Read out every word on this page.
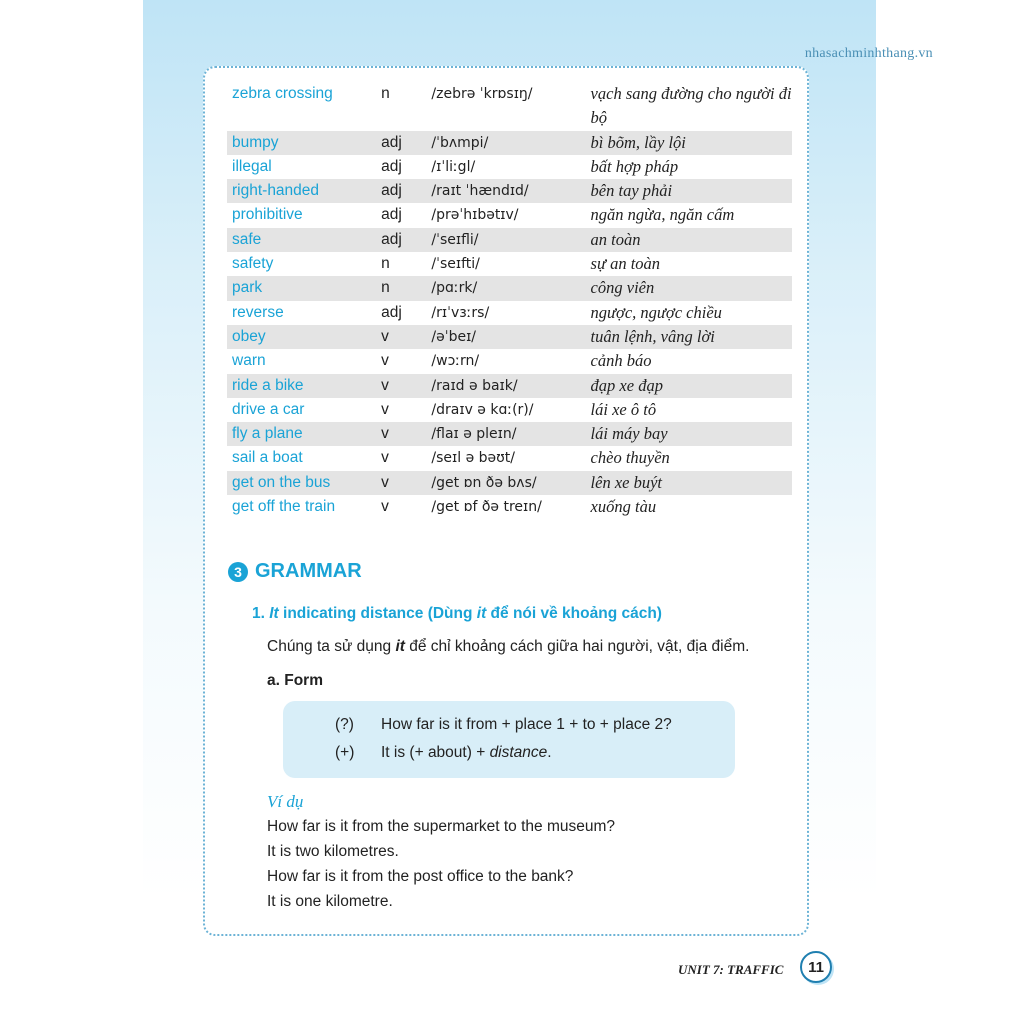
nhasachminhthang.vn
zebra crossing	n	/zebrə ˈkrɒsɪŋ/	vạch sang đường cho người đi bộ
bumpy	adj	/ˈbʌmpi/	bì bõm, lầy lội
illegal	adj	/ɪˈliːgl/	bất hợp pháp
right-handed	adj	/raɪt ˈhændɪd/	bên tay phải
prohibitive	adj	/prəˈhɪbətɪv/	ngăn ngừa, ngăn cấm
safe	adj	/ˈseɪfli/	an toàn
safety	n	/ˈseɪfti/	sự an toàn
park	n	/pɑːrk/	công viên
reverse	adj	/rɪˈvɜːrs/	ngược, ngược chiều
obey	v	/əˈbeɪ/	tuân lệnh, vâng lời
warn	v	/wɔːrn/	cảnh báo
ride a bike	v	/raɪd ə baɪk/	đạp xe đạp
drive a car	v	/draɪv ə kɑː(r)/	lái xe ô tô
fly a plane	v	/flaɪ ə pleɪn/	lái máy bay
sail a boat	v	/seɪl ə bəʊt/	chèo thuyền
get on the bus	v	/get ɒn ðə bʌs/	lên xe buýt
get off the train	v	/get ɒf ðə treɪn/	xuống tàu
3 GRAMMAR
1. It indicating distance (Dùng it để nói về khoảng cách)
Chúng ta sử dụng it để chỉ khoảng cách giữa hai người, vật, địa điểm.
a. Form
(?) How far is it from + place 1 + to + place 2?
(+) It is (+ about) + distance.
Ví dụ
How far is it from the supermarket to the museum?
It is two kilometres.
How far is it from the post office to the bank?
It is one kilometre.
UNIT 7: TRAFFIC	11
